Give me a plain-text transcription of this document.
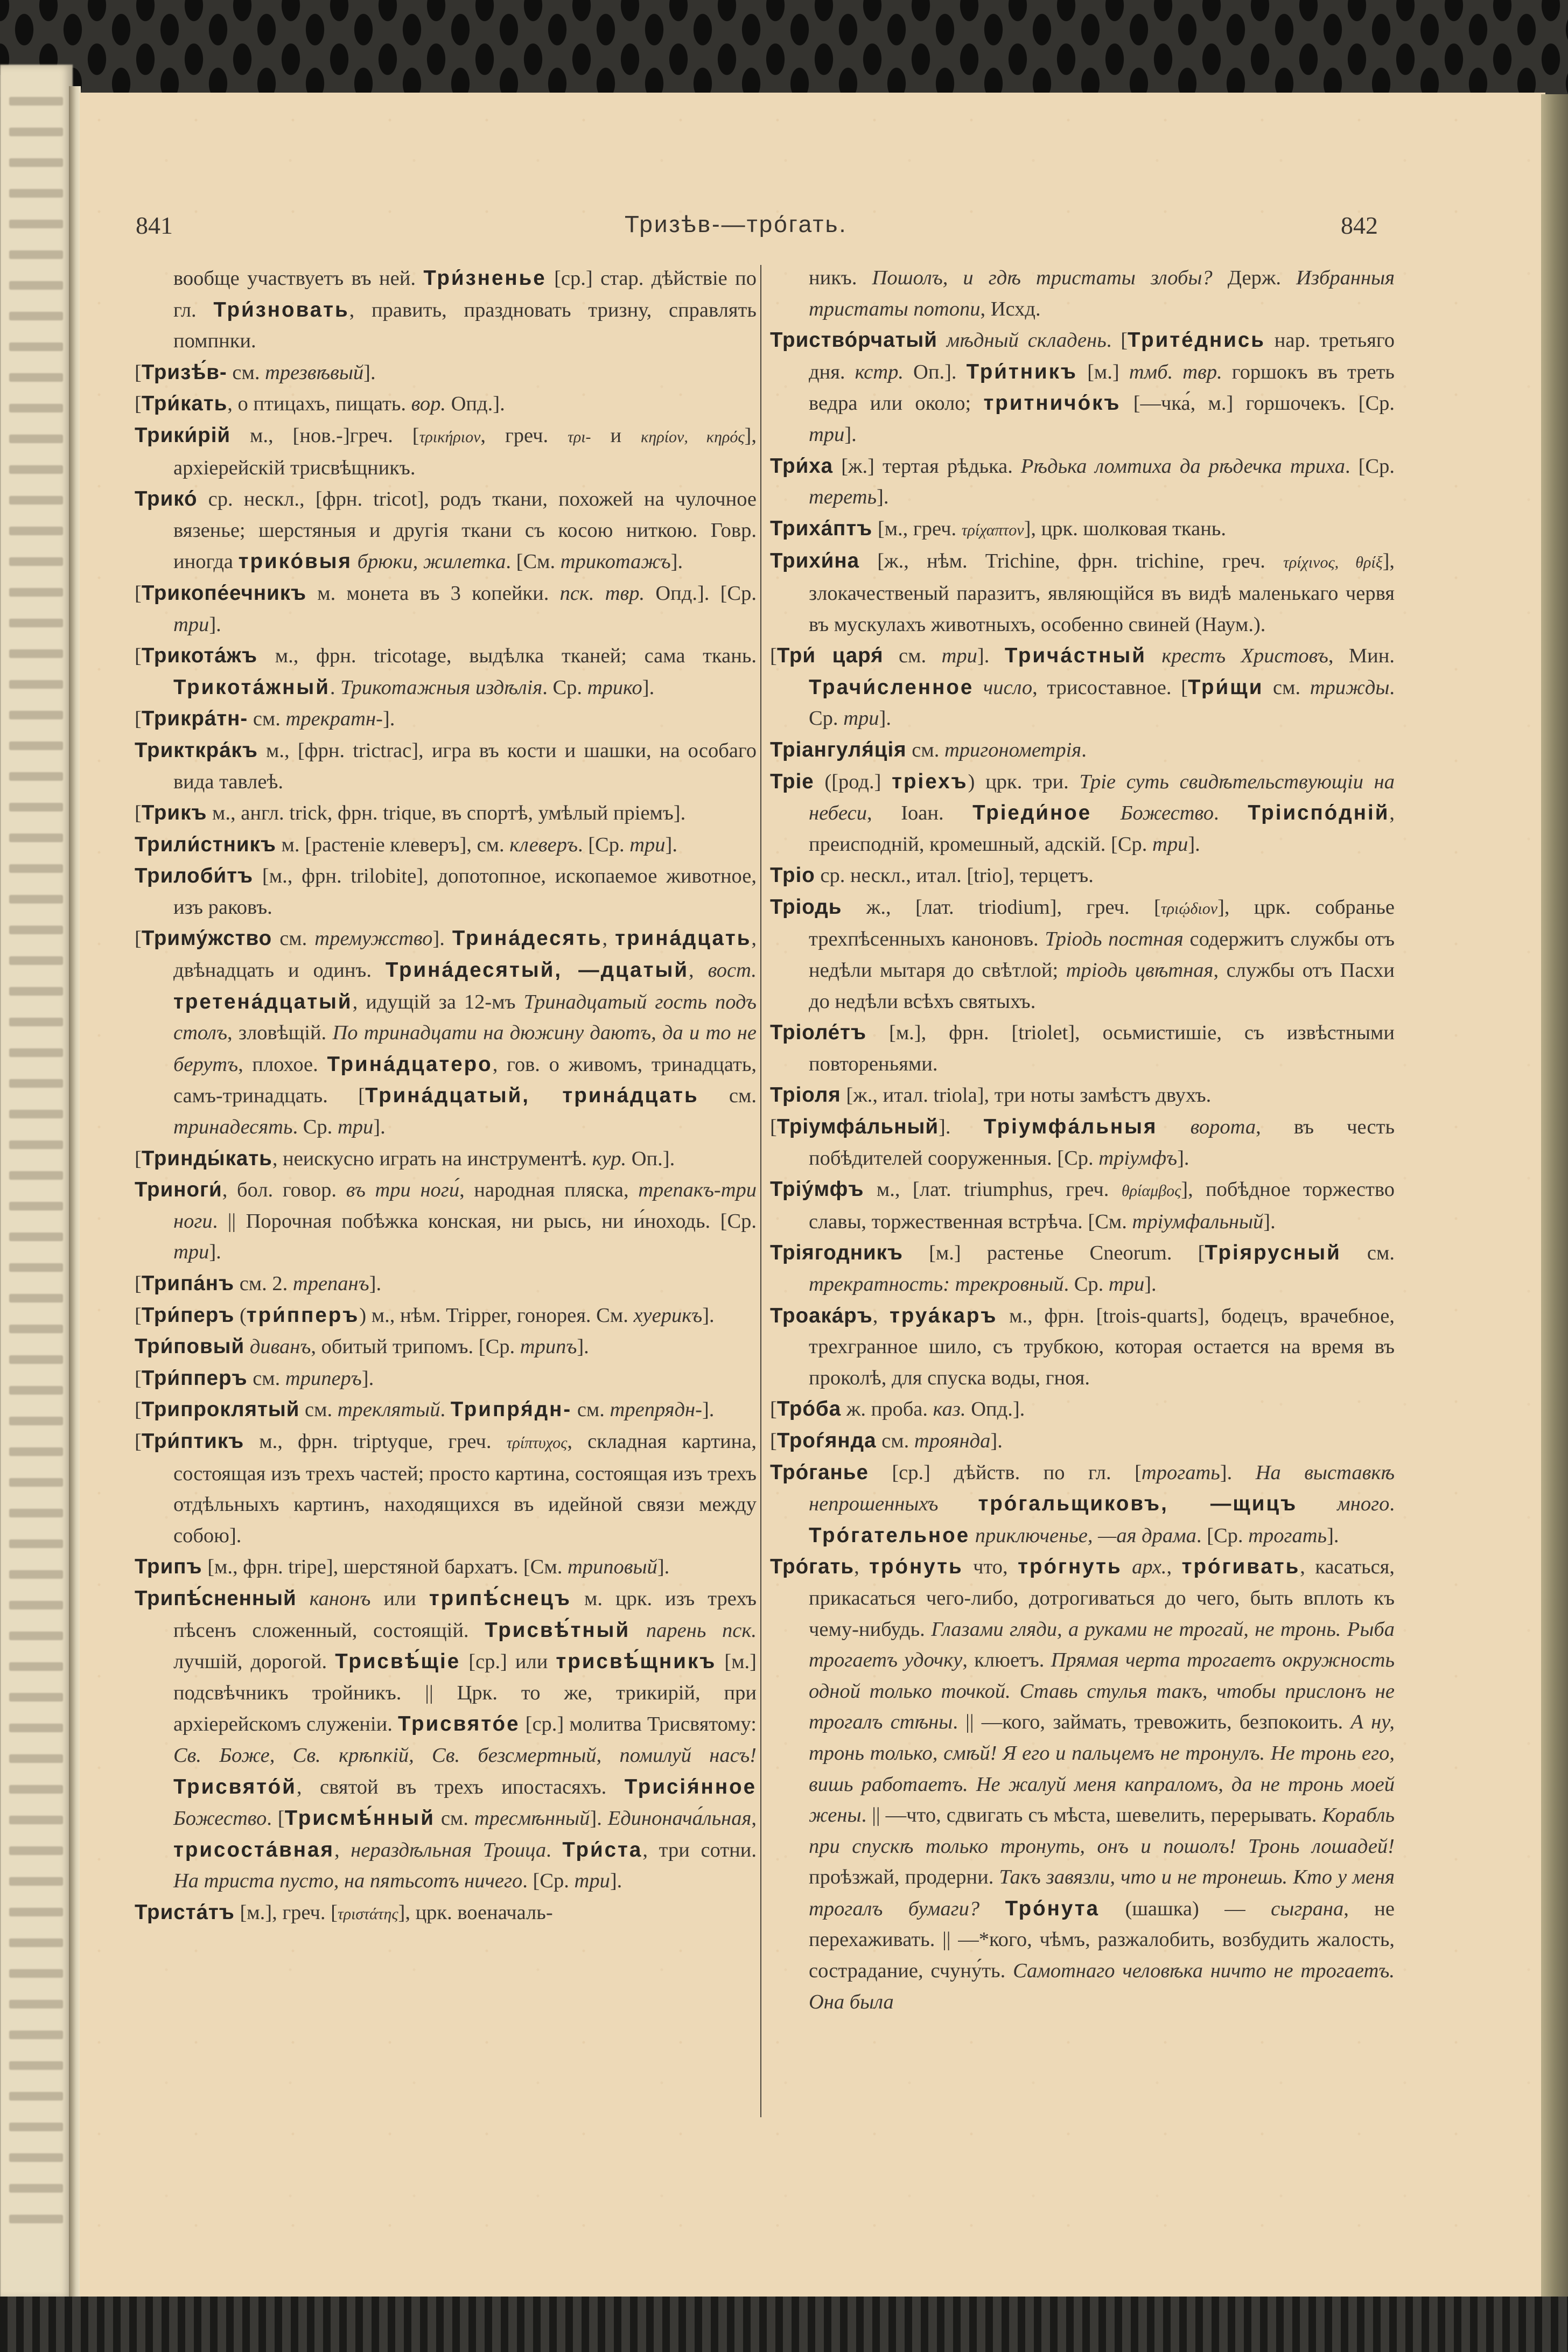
841	Тризѣв-—тро́гать.	842

вообще участвуетъ въ ней. Три́зненье [ср.] стар. дѣйствіе по гл. Три́зновать, править, праздновать тризну, справлять помпнки.

[Тризѣ́в- см. трезвѣвый].

[Три́кать, о птицахъ, пищать. вор. Опд.].

Трики́рій м., [нов.-]греч. [τρικήριον, греч. τρι- и κηρίον, κηρός], архіерейскій трисвѣщникъ.

Трико́ ср. нескл., [фрн. tricot], родъ ткани, похожей на чулочное вязенье; шерстяныя и другія ткани съ косою ниткою. Говр. иногда трико́выя брюки, жилетка. [См. трикотажъ].

[Трикопе́ечникъ м. монета въ 3 копейки. пск. твр. Опд.]. [Ср. три].

[Трикота́жъ м., фрн. tricotage, выдѣлка тканей; сама ткань. Трикота́жный. Трикотажныя издѣлія. Ср. трико].

[Трикра́тн- см. трекратн-].

Трикткра́къ м., [фрн. trictrac], игра въ кости и шашки, на особаго вида тавлеѣ.

[Трикъ м., англ. trick, фрн. trique, въ спортѣ, умѣлый пріемъ].

Трили́стникъ м. [растеніе клеверъ], см. клеверъ. [Ср. три].

Трилоби́тъ [м., фрн. trilobite], допотопное, ископаемое животное, изъ раковъ.

[Триму́жство см. тремужство]. Трина́десять, трина́дцать, двѣнадцать и одинъ. Трина́десятый, —дцатый, вост. третена́дцатый, идущій за 12-мъ Тринадцатый гость подъ столъ, зловѣщій. По тринадцати на дюжину даютъ, да и то не берутъ, плохое. Трина́дцатеро, гов. о живомъ, тринадцать, самъ-тринадцать. [Трина́дцатый, трина́дцать см. тринадесять. Ср. три].

[Тринды́кать, неискусно играть на инструментѣ. кур. Оп.].

Триноги́, бол. говор. въ три ноги́, народная пляска, трепакъ-три ноги. || Порочная побѣжка конская, ни рысь, ни и́ноходь. [Ср. три].

[Трипа́нъ см. 2. трепанъ].

[Три́перъ (три́пперъ) м., нѣм. Tripper, гонорея. См. хуерикъ].

Три́повый диванъ, обитый трипомъ. [Ср. трипъ].

[Три́пперъ см. триперъ].

[Трипроклятый см. трeклятый. Трипря́дн- см. трепрядн-].

[Три́птикъ м., фрн. triptyque, греч. τρίπτυχος, складная картина, состоящая изъ трехъ частей; просто картина, состоящая изъ трехъ отдѣльныхъ картинъ, находящихся въ идейной связи между собою].

Трипъ [м., фрн. tripe], шерстяной бархатъ. [См. триповый].

Трипѣ́сненный канонъ или трипѣ́снецъ м. црк. изъ трехъ пѣсенъ сложенный, состоящій. Трисвѣ́тный парень пск. лучшій, дорогой. Трисвѣ́щіе [ср.] или трисвѣ́щникъ [м.] подсвѣчникъ тройникъ. || Црк. то же, трикирій, при архіерейскомъ служеніи. Трисвято́е [ср.] молитва Трисвятому: Св. Боже, Св. крѣпкій, Св. безсмертный, помилуй насъ! Трисвято́й, святой въ трехъ ипостасяхъ. Трисія́нное Божество. [Трисмѣ́нный см. тресмѣнный]. Единонача́льная, трисоста́вная, нераздѣльная Троица. Три́ста, три сотни. На триста пусто, на пятьсотъ ничего. [Ср. три].

Триста́тъ [м.], греч. [τριστάτης], црк. военачаль-

никъ. Пошолъ, и гдѣ тристаты злобы? Держ. Избранныя тристаты потопи, Исхд.

Триство́рчатый мѣдный складень. [Трите́днись нар. третьяго дня. кстр. Оп.]. Три́тникъ [м.] тмб. твр. горшокъ въ треть ведра или около; тритничо́къ [—чка́, м.] горшочекъ. [Ср. три].

Три́ха [ж.] тертая рѣдька. Рѣдька ломтиха да рѣдечка триха. [Ср. тереть].

Триха́птъ [м., греч. τρίχαπτον], црк. шолковая ткань.

Трихи́на [ж., нѣм. Trichine, фрн. trichine, греч. τρίχινος, θρίξ], злокачественый паразитъ, являющійся въ видѣ маленькаго червя въ мускулахъ животныхъ, особенно свиней (Наум.).

[Три́ царя́ см. три]. Трича́стный крестъ Христовъ, Мин. Трачи́сленное число, трисоставное. [Три́щи см. трижды. Ср. три].

Тріангуля́ція см. тригонометрія.

Тріе ([род.] тріехъ) црк. три. Тріе суть свидѣтельствующіи на небеси, Іоан. Тріеди́ное Божество. Тріиспо́дній, преисподній, кромешный, адскій. [Ср. три].

Тріо ср. нескл., итал. [trio], терцетъ.

Тріодь ж., [лат. triodium], греч. [τριῴδιον], црк. собранье трехпѣсенныхъ каноновъ. Тріодь постная содержитъ службы отъ недѣли мытаря до свѣтлой; тріодь цвѣтная, службы отъ Пасхи до недѣли всѣхъ святыхъ.

Тріоле́тъ [м.], фрн. [triolet], осьмистишіе, съ извѣстными повтореньями.

Тріоля [ж., итал. triola], три ноты замѣстъ двухъ.

[Тріумфа́льный]. Тріумфа́льныя ворота, въ честь побѣдителей сооруженныя. [Ср. тріумфъ].

Тріу́мфъ м., [лат. triumphus, греч. θρίαμβος], побѣдное торжество славы, торжественная встрѣча. [См. тріумфальный].

Тріягодникъ [м.] растенье Cneorum. [Тріярусный см. трекратность: трекровный. Ср. три].

Троака́ръ, труа́каръ м., фрн. [trois-quarts], бодецъ, врачебное, трехгранное шило, съ трубкою, которая остается на время въ проколѣ, для спуска воды, гноя.

[Тро́ба ж. проба. каз. Опд.].

[Троѓянда см. троянда].

Тро́ганье [ср.] дѣйств. по гл. [трогать]. На выставкѣ непрошенныхъ тро́гальщиковъ, —щицъ много. Тро́гательное приключенье, —ая драма. [Ср. трогать].

Тро́гать, тро́нуть что, тро́гнуть арх., тро́гивать, касаться, прикасаться чего-либо, дотрогиваться до чего, быть вплоть къ чему-нибудь. Глазами гляди, а руками не трогай, не тронь. Рыба трогаетъ удочку, клюетъ. Прямая черта трогаетъ окружность одной только точкой. Ставь стулья такъ, чтобы прислонъ не трогалъ стѣны. || —кого, займать, тревожить, безпокоить. А ну, тронь только, смѣй! Я его и пальцемъ не тронулъ. Не тронь его, вишь работаетъ. Не жалуй меня капраломъ, да не тронь моей жены. || —что, сдвигать съ мѣста, шевелить, перерывать. Корабль при спускѣ только тронуть, онъ и пошолъ! Тронь лошадей! проѣзжай, продерни. Такъ завязли, что и не тронешь. Кто у меня трогалъ бумаги? Тро́нута (шашка) — сыграна, не перехаживать. || —*кого, чѣмъ, разжалобить, возбудить жалость, сострадание, счуну́ть. Самотнаго человѣка ничто не трогаетъ. Она была
